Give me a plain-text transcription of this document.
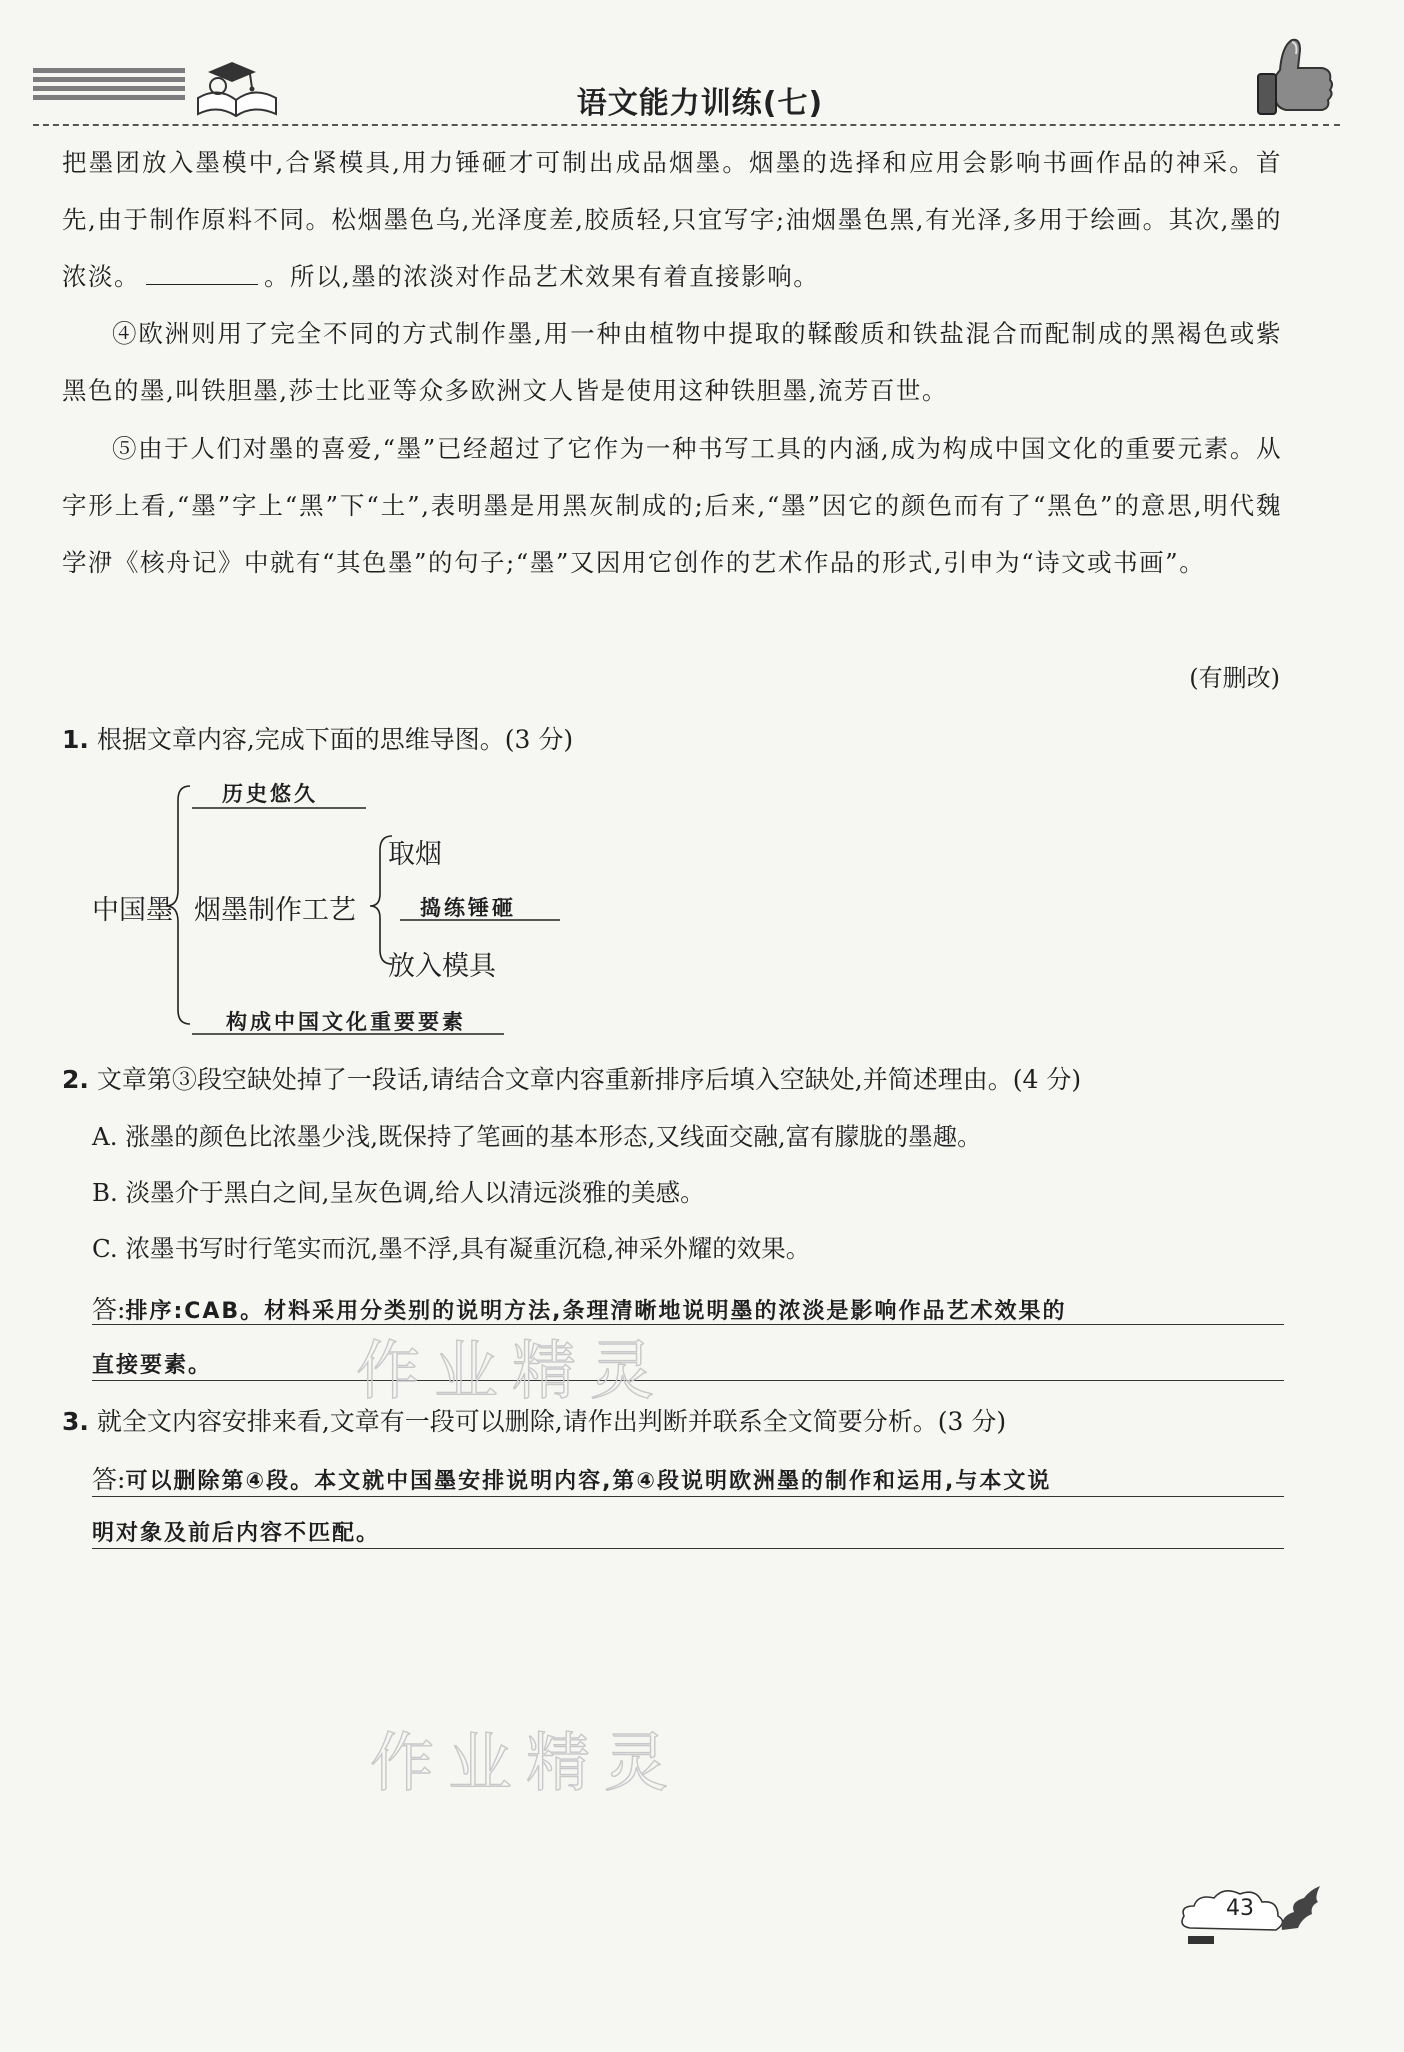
语文能力训练(七)
把墨团放入墨模中,合紧模具,用力锤砸才可制出成品烟墨。烟墨的选择和应用会影响书画作品的神采。首先,由于制作原料不同。松烟墨色乌,光泽度差,胶质轻,只宜写字;油烟墨色黑,有光泽,多用于绘画。其次,墨的浓淡。	。所以,墨的浓淡对作品艺术效果有着直接影响。
④欧洲则用了完全不同的方式制作墨,用一种由植物中提取的鞣酸质和铁盐混合而配制成的黑褐色或紫黑色的墨,叫铁胆墨,莎士比亚等众多欧洲文人皆是使用这种铁胆墨,流芳百世。
⑤由于人们对墨的喜爱,“墨”已经超过了它作为一种书写工具的内涵,成为构成中国文化的重要元素。从字形上看,“墨”字上“黑”下“土”,表明墨是用黑灰制成的;后来,“墨”因它的颜色而有了“黑色”的意思,明代魏学洢《核舟记》中就有“其色墨”的句子;“墨”又因用它创作的艺术作品的形式,引申为“诗文或书画”。
(有删改)
1. 根据文章内容,完成下面的思维导图。(3 分)
历史悠久
中国墨 烟墨制作工艺
取烟
捣练锤砸
放入模具
构成中国文化重要要素
2. 文章第③段空缺处掉了一段话,请结合文章内容重新排序后填入空缺处,并简述理由。(4 分)
A. 涨墨的颜色比浓墨少浅,既保持了笔画的基本形态,又线面交融,富有朦胧的墨趣。
B. 淡墨介于黑白之间,呈灰色调,给人以清远淡雅的美感。
C. 浓墨书写时行笔实而沉,墨不浮,具有凝重沉稳,神采外耀的效果。
答:排序:CAB。材料采用分类别的说明方法,条理清晰地说明墨的浓淡是影响作品艺术效果的
直接要素。
3. 就全文内容安排来看,文章有一段可以删除,请作出判断并联系全文简要分析。(3 分)
答:可以删除第④段。本文就中国墨安排说明内容,第④段说明欧洲墨的制作和运用,与本文说
明对象及前后内容不匹配。
作业精灵
作业精灵
43
